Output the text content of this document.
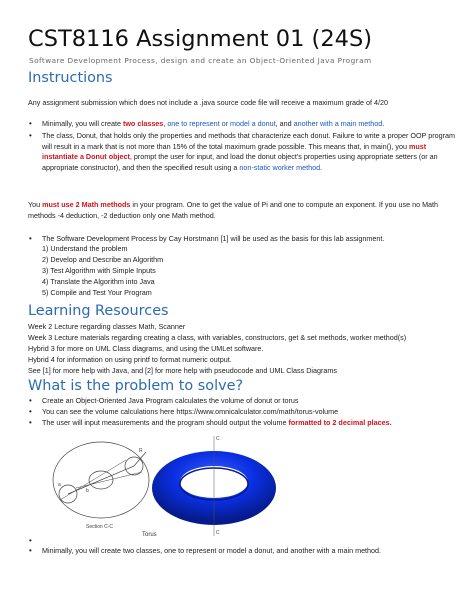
CST8116 Assignment 01 (24S)
Software Development Process, design and create an Object-Oriented Java Program
Instructions
Any assignment submission which does not include a .java source code file will receive a maximum grade of 4/20
• Minimally, you will create two classes, one to represent or model a donut, and another with a main method.
• The class, Donut, that holds only the properties and methods that characterize each donut. Failure to write a proper OOP program will result in a mark that is not more than 15% of the total maximum grade possible. This means that, in main(), you must instantiate a Donut object, prompt the user for input, and load the donut object's properties using appropriate setters (or an appropriate constructor), and then the specified result using a non-static worker method.
You must use 2 Math methods in your program. One to get the value of Pi and one to compute an exponent. If you use no Math methods -4 deduction, -2 deduction only one Math method.
• The Software Development Process by Cay Horstmann [1] will be used as the basis for this lab assignment.
1) Understand the problem
2) Develop and Describe an Algorithm
3) Test Algorithm with Simple Inputs
4) Translate the Algorithm into Java
5) Compile and Test Your Program
Learning Resources
Week 2 Lecture regarding classes Math, Scanner
Week 3 Lecture materials regarding creating a class, with variables, constructors, get & set methods, worker method(s)
Hybrid 3 for more on UML Class diagrams, and using the UMLet software.
Hybrid 4 for information on using printf to format numeric output.
See [1] for more help with Java, and [2] for more help with pseudocode and UML Class Diagrams
What is the problem to solve?
• Create an Object-Oriented Java Program calculates the volume of donut or torus
• You can see the volume calculations here https://www.omnicalculator.com/math/torus-volume
• The user will input measurements and the program should output the volume formatted to 2 decimal places.
R
b
a
Section C-C
Torus
C
C
•
• Minimally, you will create two classes, one to represent or model a donut, and another with a main method.
